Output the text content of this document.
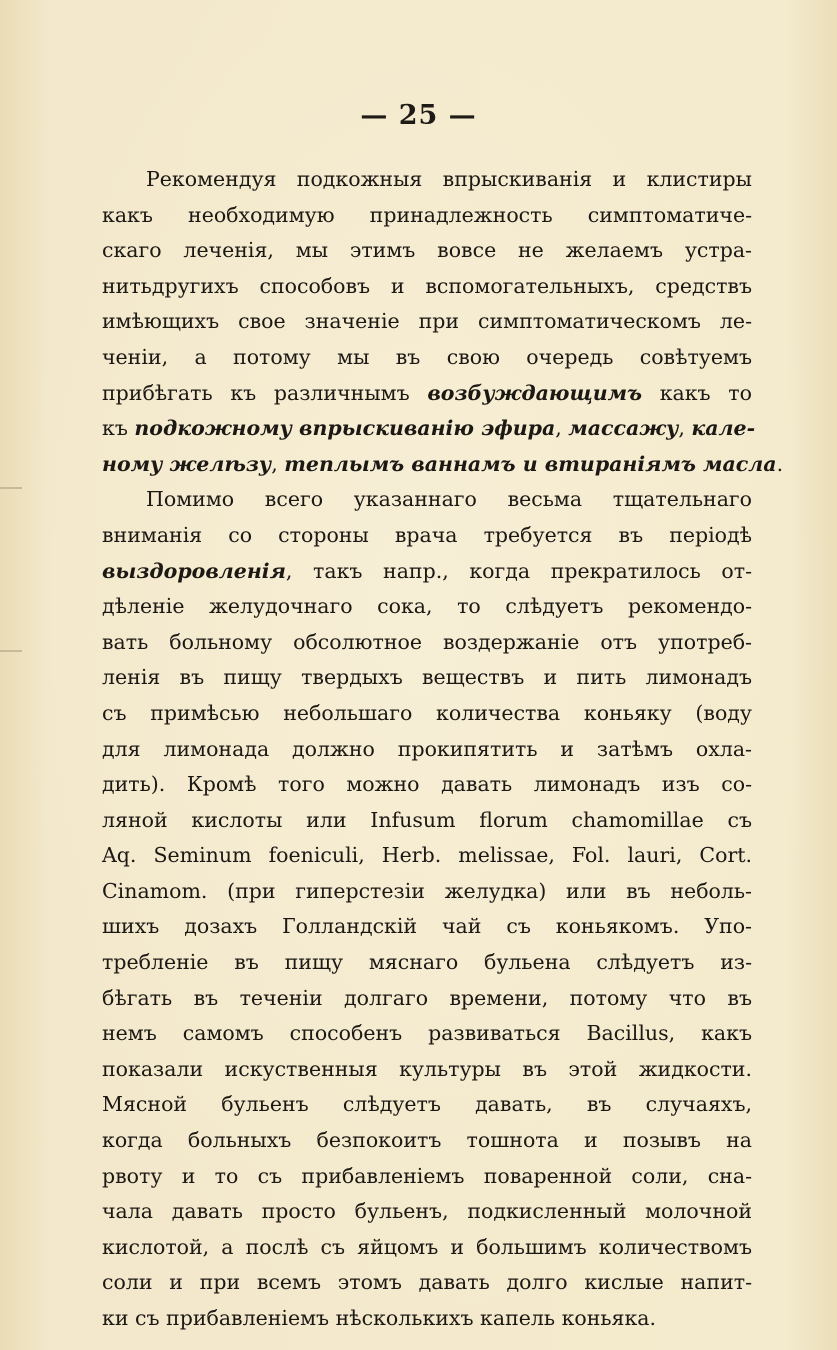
— 25 —
Рекомендуя подкожныя впрыскиванія и клистиры
какъ необходимую принадлежность симптоматиче-
скаго леченія, мы этимъ вовсе не желаемъ устра-
нитьдругихъ способовъ и вспомогательныхъ, средствъ
имѣющихъ свое значеніе при симптоматическомъ ле-
ченіи, а потому мы въ свою очередь совѣтуемъ
прибѣгать къ различнымъ возбуждающимъ какъ то
къ подкожному впрыскиванію эфира, массажу, кале-
ному желѣзу, теплымъ ваннамъ и втираніямъ масла.
Помимо всего указаннаго весьма тщательнаго
вниманія со стороны врача требуется въ періодѣ
выздоровленія, такъ напр., когда прекратилось от-
дѣленіе желудочнаго сока, то слѣдуетъ рекомендо-
вать больному обсолютное воздержаніе отъ употреб-
ленія въ пищу твердыхъ веществъ и пить лимонадъ
съ примѣсью небольшаго количества коньяку (воду
для лимонада должно прокипятить и затѣмъ охла-
дить). Кромѣ того можно давать лимонадъ изъ со-
ляной кислоты или Infusum florum chamomillae съ
Aq. Seminum foeniculi, Herb. melissae, Fol. lauri, Cort.
Cinamom. (при гиперстезіи желудка) или въ неболь-
шихъ дозахъ Голландскій чай съ коньякомъ. Упо-
требленіе въ пищу мяснаго бульена слѣдуетъ из-
бѣгать въ теченіи долгаго времени, потому что въ
немъ самомъ способенъ развиваться Bacillus, какъ
показали искуственныя культуры въ этой жидкости.
Мясной бульенъ слѣдуетъ давать, въ случаяхъ,
когда больныхъ безпокоитъ тошнота и позывъ на
рвоту и то съ прибавленіемъ поваренной соли, сна-
чала давать просто бульенъ, подкисленный молочной
кислотой, а послѣ съ яйцомъ и большимъ количествомъ
соли и при всемъ этомъ давать долго кислые напит-
ки съ прибавленіемъ нѣсколькихъ капель коньяка.
